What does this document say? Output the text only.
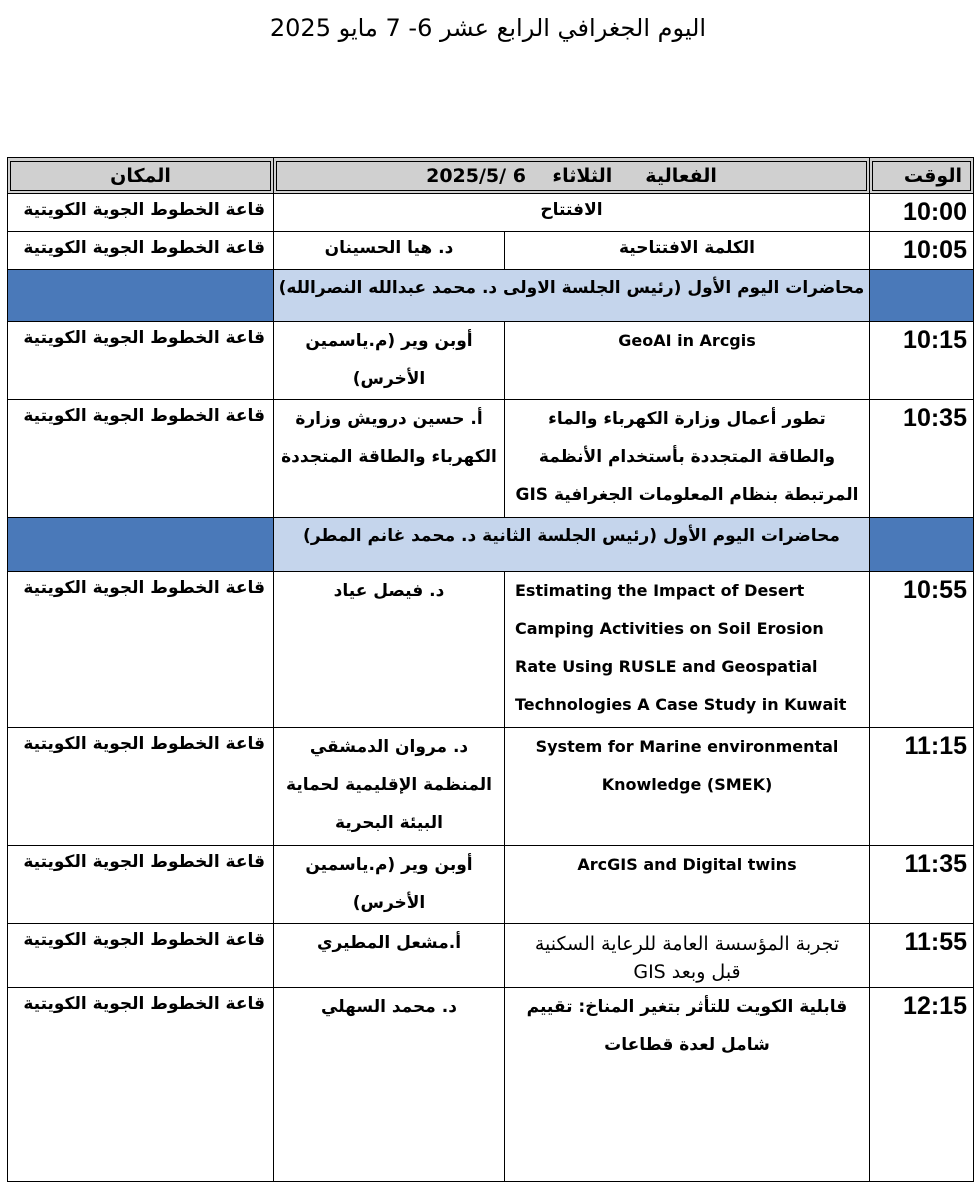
اليوم الجغرافي الرابع عشر 6- 7 مايو 2025
الوقت	الفعالية     الثلاثاء    6 /2025/5		المكان

10:00	الافتتاح		قاعة الخطوط الجوية الكويتية
10:05	الكلمة الافتتاحية	د. هيا الحسينان	قاعة الخطوط الجوية الكويتية
	محاضرات اليوم الأول (رئيس الجلسة الاولى د. محمد عبدالله النصرالله)		
10:15	GeoAI in Arcgis	أوبن وير (م.ياسمين الأخرس)	قاعة الخطوط الجوية الكويتية
10:35	تطور أعمال وزارة الكهرباء والماء والطاقة المتجددة بأستخدام الأنظمة المرتبطة بنظام المعلومات الجغرافية GIS	أ. حسين درويش وزارة الكهرباء والطاقة المتجددة	قاعة الخطوط الجوية الكويتية
	محاضرات اليوم الأول (رئيس الجلسة الثانية د. محمد غانم المطر)		
10:55	Estimating the Impact of Desert Camping Activities on Soil Erosion Rate Using RUSLE and Geospatial Technologies A Case Study in Kuwait	د. فيصل عياد	قاعة الخطوط الجوية الكويتية
11:15	System for Marine environmental Knowledge (SMEK)	د. مروان الدمشقي المنظمة الإقليمية لحماية البيئة البحرية	قاعة الخطوط الجوية الكويتية
11:35	ArcGIS and Digital twins	أوبن وير (م.ياسمين الأخرس)	قاعة الخطوط الجوية الكويتية
11:55	تجربة المؤسسة العامة للرعاية السكنية قبل وبعد GIS	أ.مشعل المطيري	قاعة الخطوط الجوية الكويتية
12:15	قابلية الكويت للتأثر بتغير المناخ: تقييم شامل لعدة قطاعات	د. محمد السهلي	قاعة الخطوط الجوية الكويتية
